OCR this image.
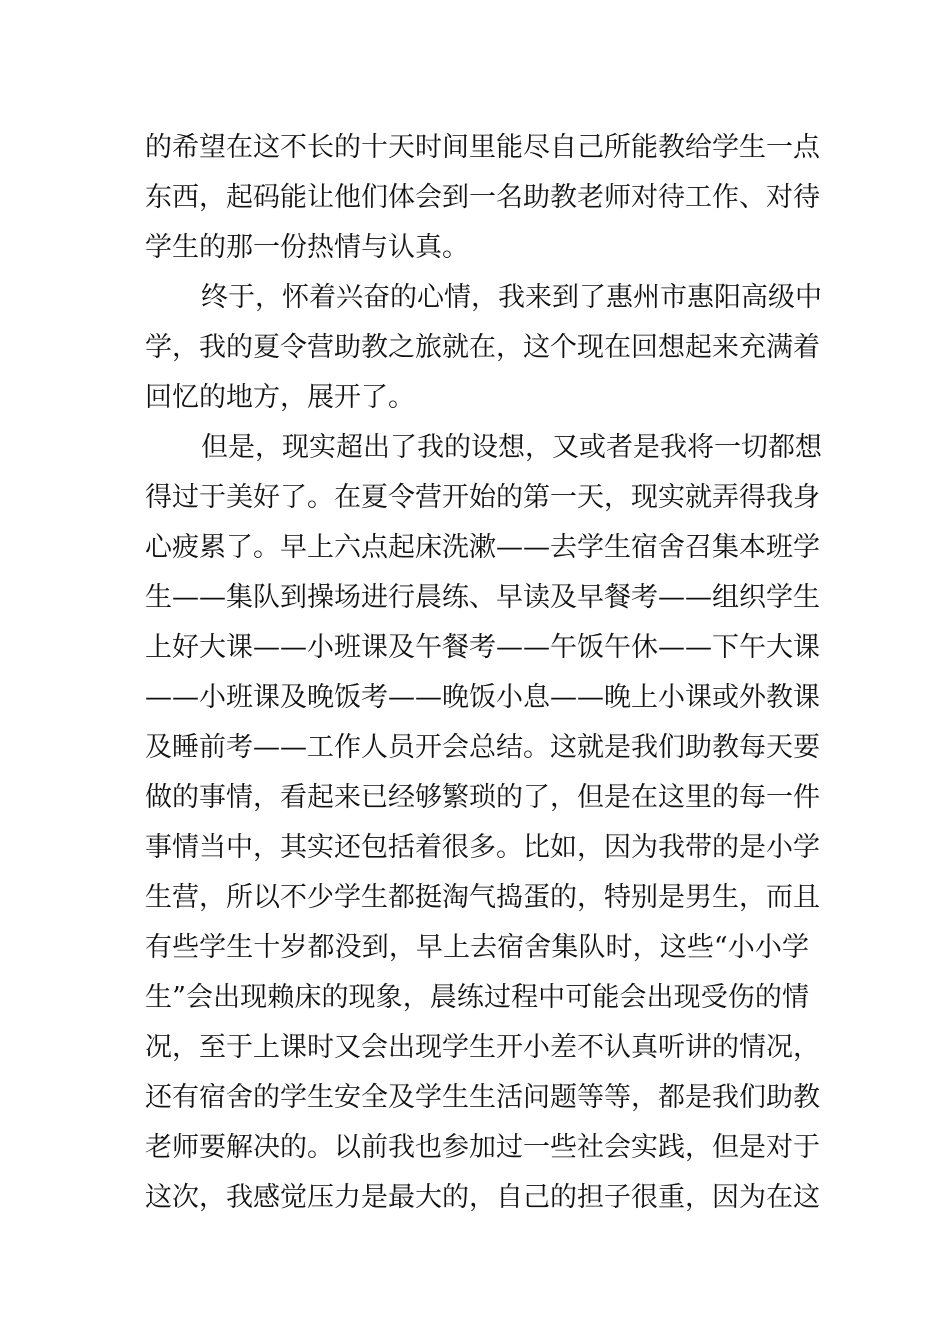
的希望在这不长的十天时间里能尽自己所能教给学生一点
东西，起码能让他们体会到一名助教老师对待工作、对待
学生的那一份热情与认真。
终于，怀着兴奋的心情，我来到了惠州市惠阳高级中
学，我的夏令营助教之旅就在，这个现在回想起来充满着
回忆的地方，展开了。
但是，现实超出了我的设想，又或者是我将一切都想
得过于美好了。在夏令营开始的第一天，现实就弄得我身
心疲累了。早上六点起床洗漱——去学生宿舍召集本班学
生——集队到操场进行晨练、早读及早餐考——组织学生
上好大课——小班课及午餐考——午饭午休——下午大课
——小班课及晚饭考——晚饭小息——晚上小课或外教课
及睡前考——工作人员开会总结。这就是我们助教每天要
做的事情，看起来已经够繁琐的了，但是在这里的每一件
事情当中，其实还包括着很多。比如，因为我带的是小学
生营，所以不少学生都挺淘气捣蛋的，特别是男生，而且
有些学生十岁都没到，早上去宿舍集队时，这些“小小学
生”会出现赖床的现象，晨练过程中可能会出现受伤的情
况，至于上课时又会出现学生开小差不认真听讲的情况，
还有宿舍的学生安全及学生生活问题等等，都是我们助教
老师要解决的。以前我也参加过一些社会实践，但是对于
这次，我感觉压力是最大的，自己的担子很重，因为在这
